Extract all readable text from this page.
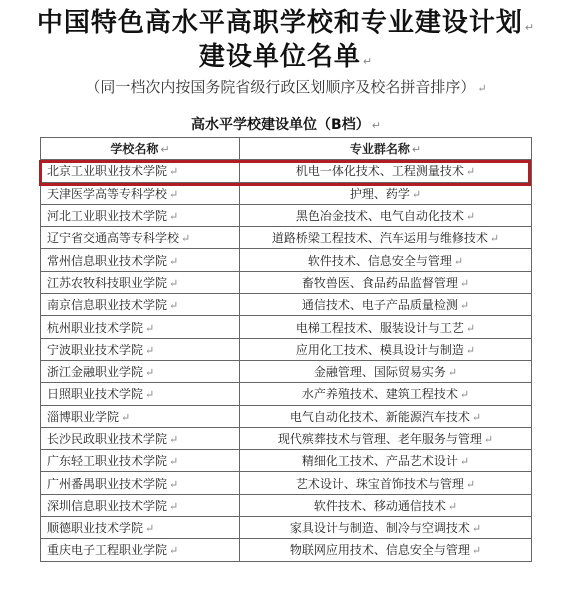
中国特色高水平高职学校和专业建设计划 ↵
建设单位名单 ↵
（同一档次内按国务院省级行政区划顺序及校名拼音排序） ↵
高水平学校建设单位（B档） ↵
学校名称 ↵	专业群名称 ↵
北京工业职业技术学院 ↵	机电一体化技术、工程测量技术 ↵
天津医学高等专科学校 ↵	护理、药学 ↵
河北工业职业技术学院 ↵	黑色冶金技术、电气自动化技术 ↵
辽宁省交通高等专科学校 ↵	道路桥梁工程技术、汽车运用与维修技术 ↵
常州信息职业技术学院 ↵	软件技术、信息安全与管理 ↵
江苏农牧科技职业学院 ↵	畜牧兽医、食品药品监督管理 ↵
南京信息职业技术学院 ↵	通信技术、电子产品质量检测 ↵
杭州职业技术学院 ↵	电梯工程技术、服装设计与工艺 ↵
宁波职业技术学院 ↵	应用化工技术、模具设计与制造 ↵
浙江金融职业学院 ↵	金融管理、国际贸易实务 ↵
日照职业技术学院 ↵	水产养殖技术、建筑工程技术 ↵
淄博职业学院 ↵	电气自动化技术、新能源汽车技术 ↵
长沙民政职业技术学院 ↵	现代殡葬技术与管理、老年服务与管理 ↵
广东轻工职业技术学院 ↵	精细化工技术、产品艺术设计 ↵
广州番禺职业技术学院 ↵	艺术设计、珠宝首饰技术与管理 ↵
深圳信息职业技术学院 ↵	软件技术、移动通信技术 ↵
顺德职业技术学院 ↵	家具设计与制造、制冷与空调技术 ↵
重庆电子工程职业学院 ↵	物联网应用技术、信息安全与管理 ↵
